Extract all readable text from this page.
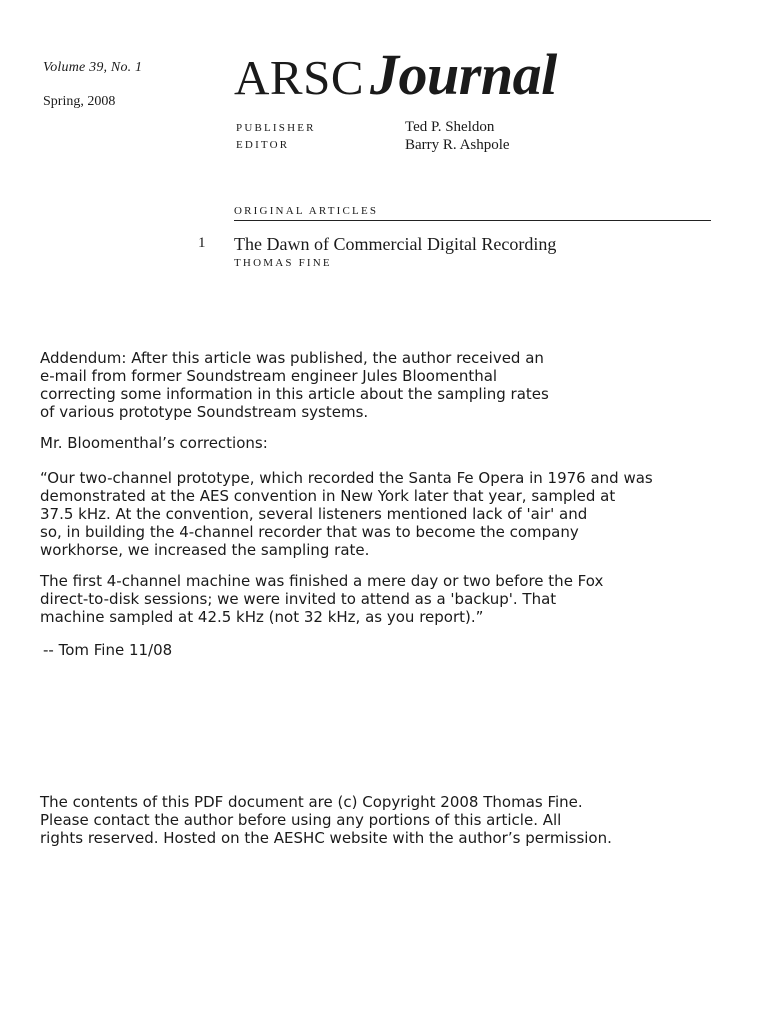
Volume 39, No. 1
Spring, 2008 ARSC Journal
PUBLISHER	Ted P. Sheldon
EDITOR	Barry R. Ashpole
ORIGINAL ARTICLES
1 The Dawn of Commercial Digital Recording
THOMAS FINE

Addendum: After this article was published, the author received an
e-mail from former Soundstream engineer Jules Bloomenthal
correcting some information in this article about the sampling rates
of various prototype Soundstream systems.

Mr. Bloomenthal’s corrections:

“Our two-channel prototype, which recorded the Santa Fe Opera in 1976 and was
demonstrated at the AES convention in New York later that year, sampled at
37.5 kHz. At the convention, several listeners mentioned lack of 'air' and
so, in building the 4-channel recorder that was to become the company
workhorse, we increased the sampling rate.

The first 4-channel machine was finished a mere day or two before the Fox
direct-to-disk sessions; we were invited to attend as a 'backup'. That
machine sampled at 42.5 kHz (not 32 kHz, as you report).”

-- Tom Fine 11/08

The contents of this PDF document are (c) Copyright 2008 Thomas Fine.
Please contact the author before using any portions of this article. All
rights reserved. Hosted on the AESHC website with the author’s permission.
